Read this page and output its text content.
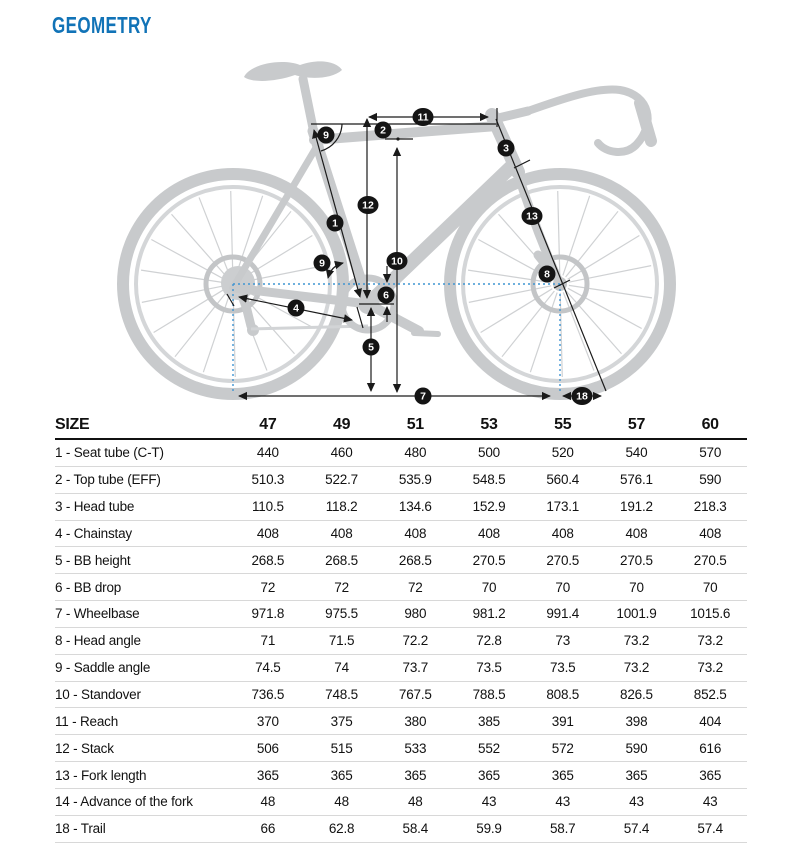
GEOMETRY
1
2
3
4
5
6
7
8
9
9	10
11
12
13
18
SIZE	47	49	51	53	55	57	60
1 - Seat tube (C-T)	440	460	480	500	520	540	570
2 - Top tube (EFF)	510.3	522.7	535.9	548.5	560.4	576.1	590
3 - Head tube	110.5	118.2	134.6	152.9	173.1	191.2	218.3
4 - Chainstay	408	408	408	408	408	408	408
5 - BB height	268.5	268.5	268.5	270.5	270.5	270.5	270.5
6 - BB drop	72	72	72	70	70	70	70
7 - Wheelbase	971.8	975.5	980	981.2	991.4	1001.9	1015.6
8 - Head angle	71	71.5	72.2	72.8	73	73.2	73.2
9 - Saddle angle	74.5	74	73.7	73.5	73.5	73.2	73.2
10 - Standover	736.5	748.5	767.5	788.5	808.5	826.5	852.5
11 - Reach	370	375	380	385	391	398	404
12 - Stack	506	515	533	552	572	590	616
13 - Fork length	365	365	365	365	365	365	365
14 - Advance of the fork	48	48	48	43	43	43	43
18 - Trail	66	62.8	58.4	59.9	58.7	57.4	57.4
